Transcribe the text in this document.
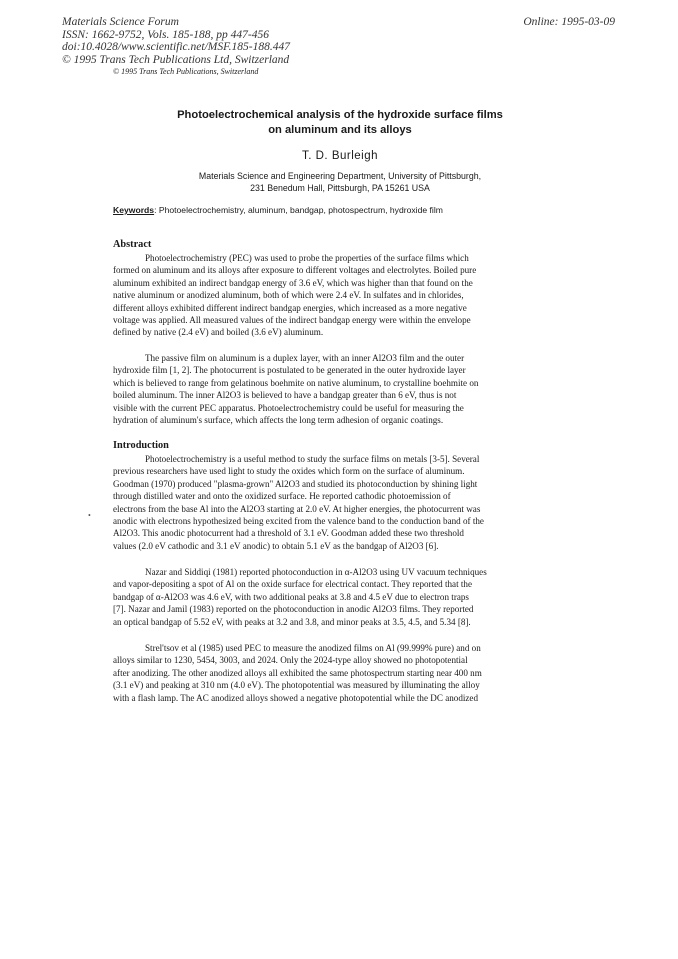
Materials Science Forum
ISSN: 1662-9752, Vols. 185-188, pp 447-456
doi:10.4028/www.scientific.net/MSF.185-188.447
© 1995 Trans Tech Publications Ltd, Switzerland
Online: 1995-03-09
© 1995 Trans Tech Publications, Switzerland
Photoelectrochemical analysis of the hydroxide surface films
on aluminum and its alloys
T. D. Burleigh
Materials Science and Engineering Department, University of Pittsburgh,
231 Benedum Hall, Pittsburgh, PA 15261 USA
Keywords: Photoelectrochemistry, aluminum, bandgap, photospectrum, hydroxide film
Abstract
Photoelectrochemistry (PEC) was used to probe the properties of the surface films which
formed on aluminum and its alloys after exposure to different voltages and electrolytes. Boiled pure
aluminum exhibited an indirect bandgap energy of 3.6 eV, which was higher than that found on the
native aluminum or anodized aluminum, both of which were 2.4 eV. In sulfates and in chlorides,
different alloys exhibited different indirect bandgap energies, which increased as a more negative
voltage was applied. All measured values of the indirect bandgap energy were within the envelope
defined by native (2.4 eV) and boiled (3.6 eV) aluminum.
The passive film on aluminum is a duplex layer, with an inner Al2O3 film and the outer
hydroxide film [1, 2]. The photocurrent is postulated to be generated in the outer hydroxide layer
which is believed to range from gelatinous boehmite on native aluminum, to crystalline boehmite on
boiled aluminum. The inner Al2O3 is believed to have a bandgap greater than 6 eV, thus is not
visible with the current PEC apparatus. Photoelectrochemistry could be useful for measuring the
hydration of aluminum's surface, which affects the long term adhesion of organic coatings.
Introduction
Photoelectrochemistry is a useful method to study the surface films on metals [3-5]. Several
previous researchers have used light to study the oxides which form on the surface of aluminum.
Goodman (1970) produced "plasma-grown" Al2O3 and studied its photoconduction by shining light
through distilled water and onto the oxidized surface. He reported cathodic photoemission of
electrons from the base Al into the Al2O3 starting at 2.0 eV. At higher energies, the photocurrent was
anodic with electrons hypothesized being excited from the valence band to the conduction band of the
Al2O3. This anodic photocurrent had a threshold of 3.1 eV. Goodman added these two threshold
values (2.0 eV cathodic and 3.1 eV anodic) to obtain 5.1 eV as the bandgap of Al2O3 [6].
•
Nazar and Siddiqi (1981) reported photoconduction in α-Al2O3 using UV vacuum techniques
and vapor-depositing a spot of Al on the oxide surface for electrical contact. They reported that the
bandgap of α-Al2O3 was 4.6 eV, with two additional peaks at 3.8 and 4.5 eV due to electron traps
[7]. Nazar and Jamil (1983) reported on the photoconduction in anodic Al2O3 films. They reported
an optical bandgap of 5.52 eV, with peaks at 3.2 and 3.8, and minor peaks at 3.5, 4.5, and 5.34 [8].
Strel'tsov et al (1985) used PEC to measure the anodized films on Al (99.999% pure) and on
alloys similar to 1230, 5454, 3003, and 2024. Only the 2024-type alloy showed no photopotential
after anodizing. The other anodized alloys all exhibited the same photospectrum starting near 400 nm
(3.1 eV) and peaking at 310 nm (4.0 eV). The photopotential was measured by illuminating the alloy
with a flash lamp. The AC anodized alloys showed a negative photopotential while the DC anodized
